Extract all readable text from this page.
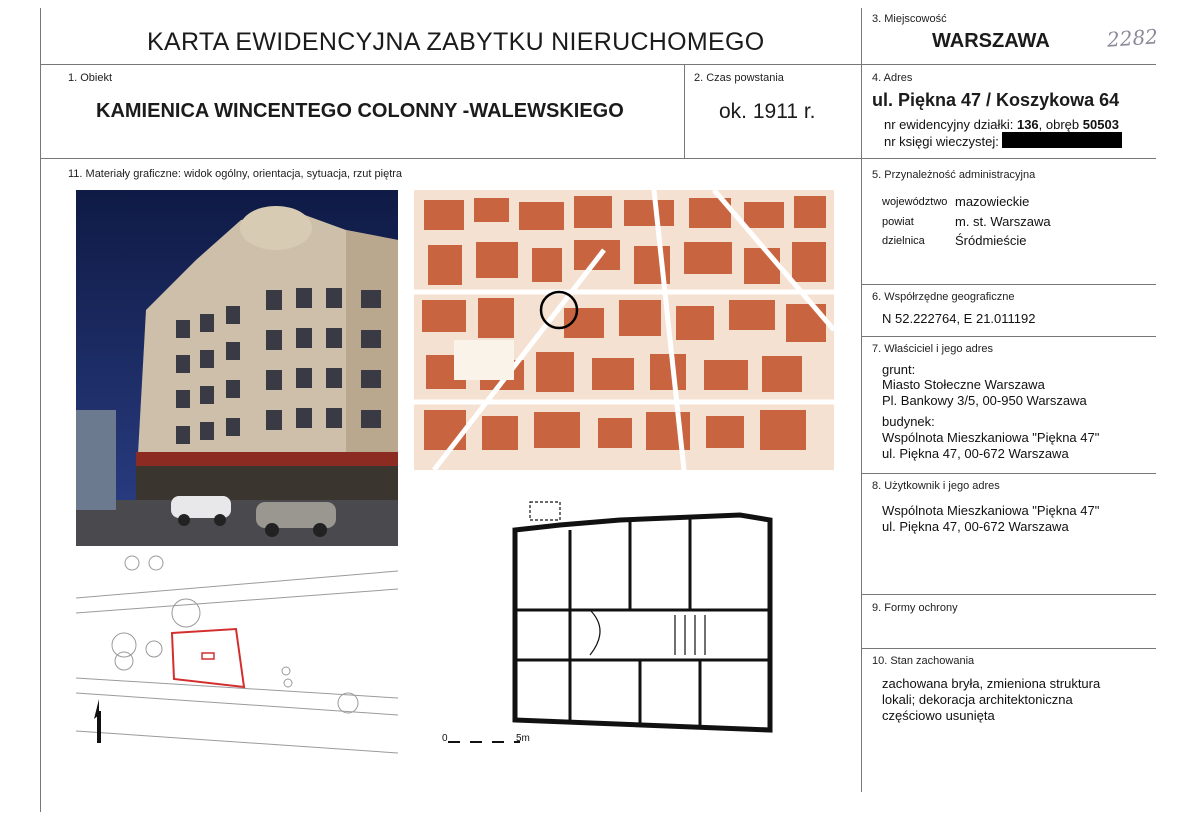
KARTA EWIDENCYJNA ZABYTKU NIERUCHOMEGO
3. Miejscowość
WARSZAWA	2282
1. Obiekt
KAMIENICA WINCENTEGO COLONNY -WALEWSKIEGO
2. Czas powstania
ok. 1911 r.
4. Adres
ul. Piękna 47 / Koszykowa 64
nr ewidencyjny działki: 136, obręb 50503
nr księgi wieczystej:
11. Materiały graficzne: widok ogólny, orientacja, sytuacja, rzut piętra
0	5m
5. Przynależność administracyjna
województwo mazowieckie
powiat	m. st. Warszawa
dzielnica Śródmieście
6. Współrzędne geograficzne
N 52.222764, E 21.011192
7. Właściciel i jego adres
grunt:
Miasto Stołeczne Warszawa
Pl. Bankowy 3/5, 00-950 Warszawa
budynek:
Wspólnota Mieszkaniowa "Piękna 47"
ul. Piękna 47, 00-672 Warszawa
8. Użytkownik i jego adres
Wspólnota Mieszkaniowa "Piękna 47"
ul. Piękna 47, 00-672 Warszawa
9. Formy ochrony
10. Stan zachowania
zachowana bryła, zmieniona struktura
lokali; dekoracja architektoniczna
częściowo usunięta
